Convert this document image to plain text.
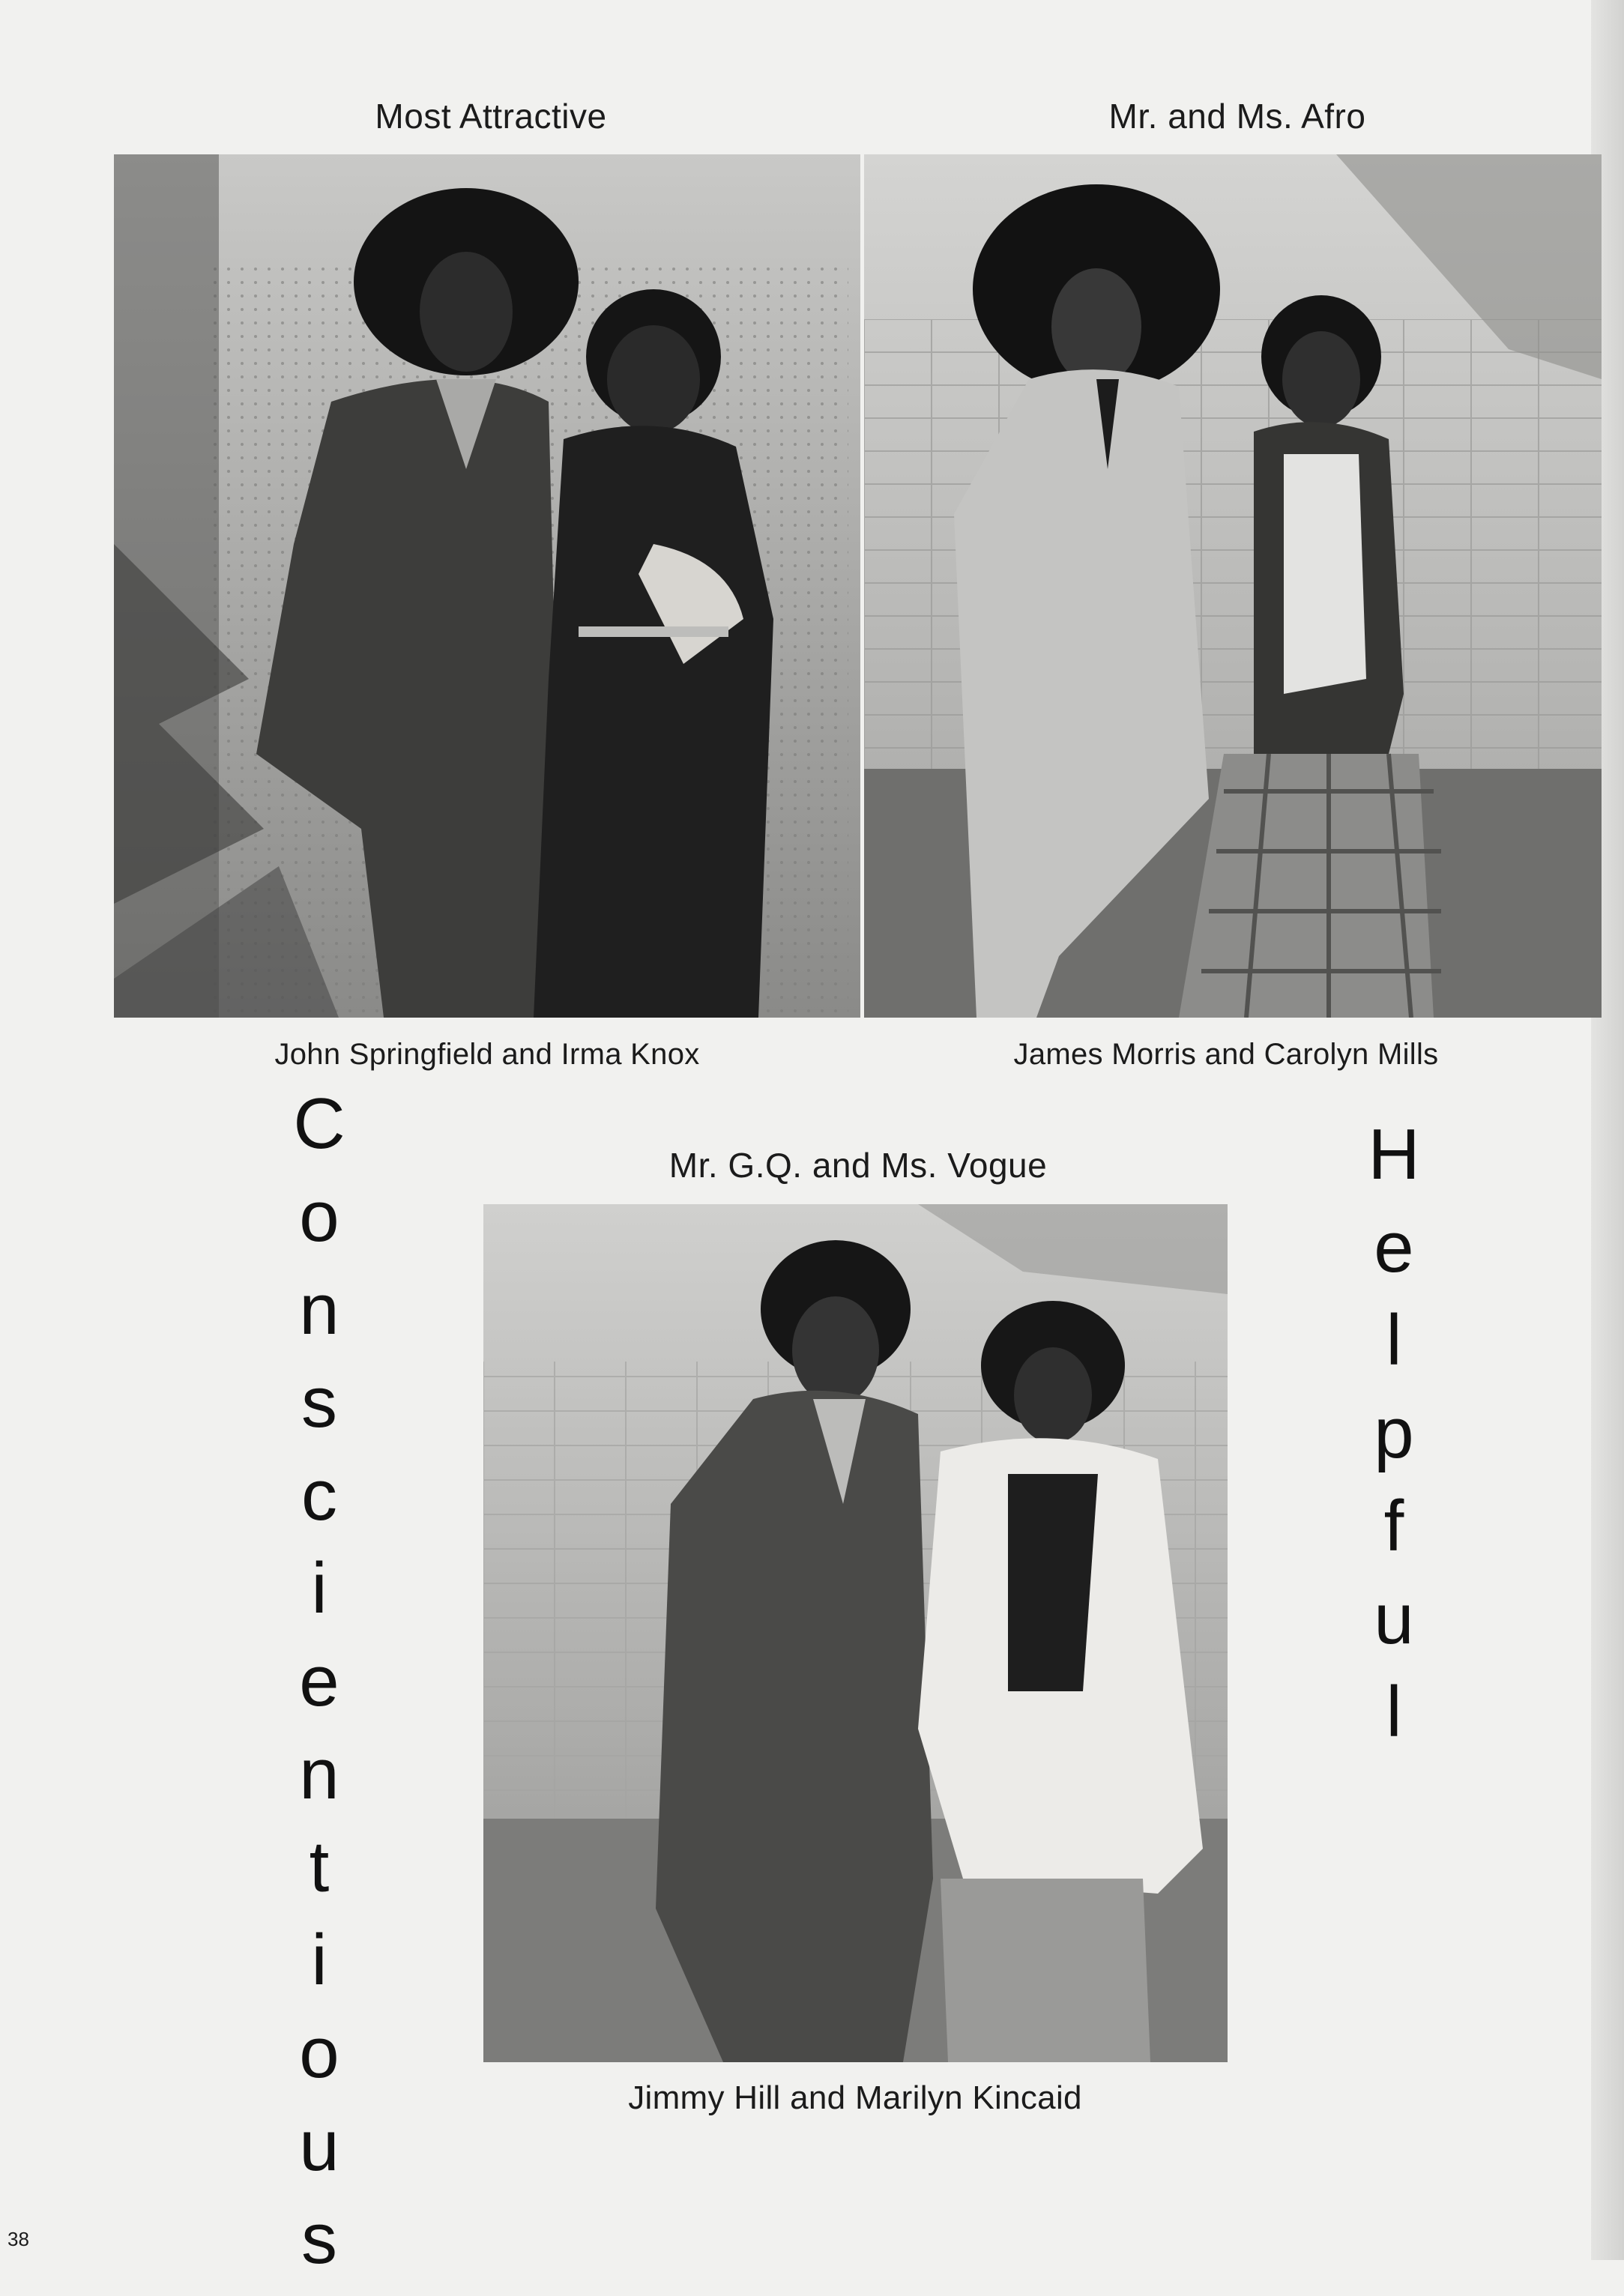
Most Attractive	Mr. and Ms. Afro
John Springfield and Irma Knox	James Morris and Carolyn Mills
Mr. G.Q. and Ms. Vogue
Jimmy Hill and Marilyn Kincaid
C
o
n
s
c
i
e
n
t
i
o
u
s
H
e
l
p
f
u
l
38
